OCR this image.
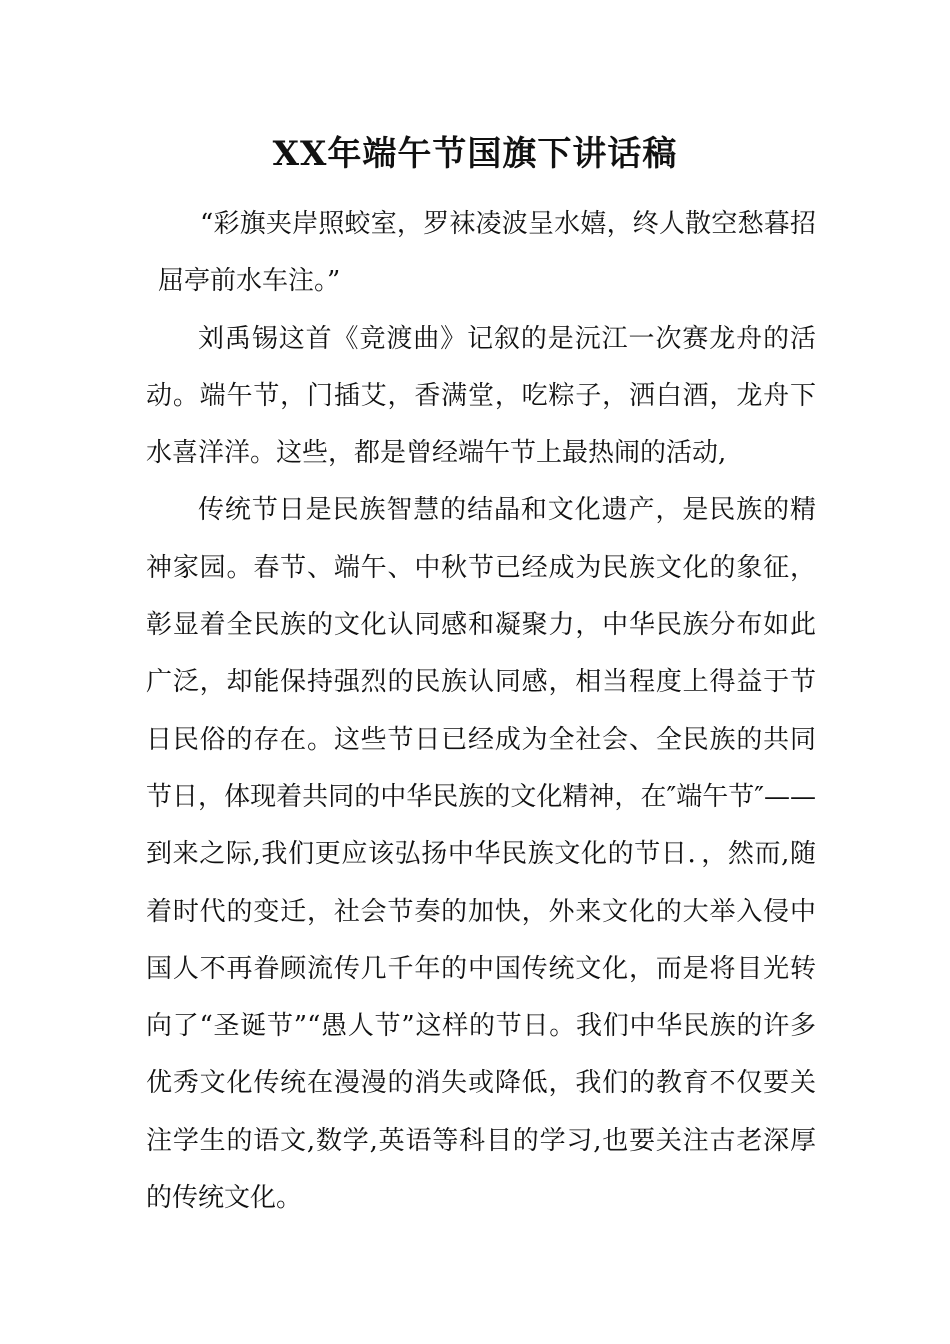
XX年端午节国旗下讲话稿

“彩旗夹岸照蛟室，罗袜凌波呈水嬉，终人散空愁暮招屈亭前水车注。”

刘禹锡这首《竞渡曲》记叙的是沅江一次赛龙舟的活动。端午节，门插艾，香满堂，吃粽子，洒白酒，龙舟下水喜洋洋。这些，都是曾经端午节上最热闹的活动,

传统节日是民族智慧的结晶和文化遗产，是民族的精神家园。春节、端午、中秋节已经成为民族文化的象征，彰显着全民族的文化认同感和凝聚力，中华民族分布如此广泛，却能保持强烈的民族认同感，相当程度上得益于节日民俗的存在。这些节日已经成为全社会、全民族的共同节日，体现着共同的中华民族的文化精神，在″端午节″——到来之际,我们更应该弘扬中华民族文化的节日．，然而,随着时代的变迁，社会节奏的加快，外来文化的大举入侵中国人不再眷顾流传几千年的中国传统文化，而是将目光转向了“圣诞节”“愚人节”这样的节日。我们中华民族的许多优秀文化传统在漫漫的消失或降低，我们的教育不仅要关注学生的语文,数学,英语等科目的学习,也要关注古老深厚的传统文化。
